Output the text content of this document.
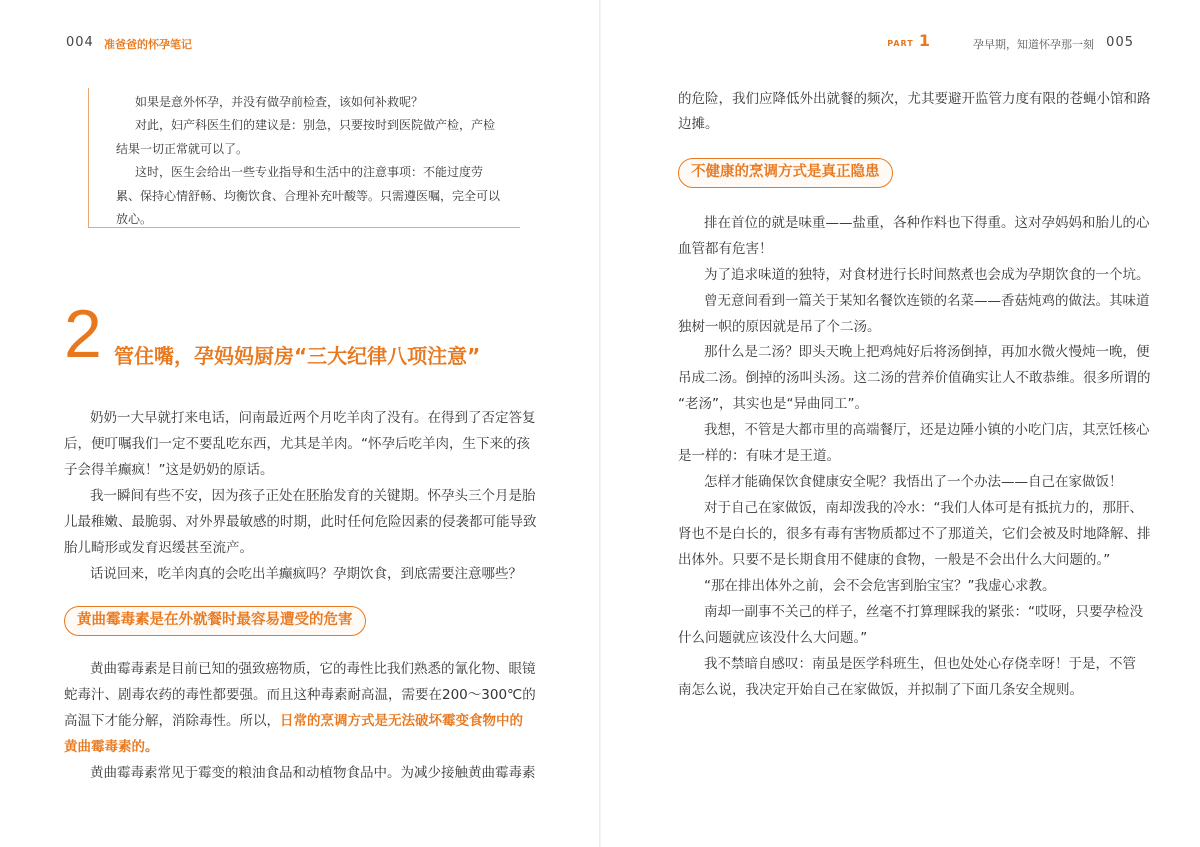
004 准爸爸的怀孕笔记
如果是意外怀孕，并没有做孕前检查，该如何补救呢？
对此，妇产科医生们的建议是：别急，只要按时到医院做产检，产检
结果一切正常就可以了。
这时，医生会给出一些专业指导和生活中的注意事项：不能过度劳
累、保持心情舒畅、均衡饮食、合理补充叶酸等。只需遵医嘱，完全可以
放心。
2 管住嘴，孕妈妈厨房“三大纪律八项注意”
奶奶一大早就打来电话，问南最近两个月吃羊肉了没有。在得到了否定答复
后，便叮嘱我们一定不要乱吃东西，尤其是羊肉。“怀孕后吃羊肉，生下来的孩
子会得羊癫疯！”这是奶奶的原话。
我一瞬间有些不安，因为孩子正处在胚胎发育的关键期。怀孕头三个月是胎
儿最稚嫩、最脆弱、对外界最敏感的时期，此时任何危险因素的侵袭都可能导致
胎儿畸形或发育迟缓甚至流产。
话说回来，吃羊肉真的会吃出羊癫疯吗？孕期饮食，到底需要注意哪些？
黄曲霉毒素是在外就餐时最容易遭受的危害
黄曲霉毒素是目前已知的强致癌物质，它的毒性比我们熟悉的氰化物、眼镜
蛇毒汁、剧毒农药的毒性都要强。而且这种毒素耐高温，需要在200～300℃的
高温下才能分解，消除毒性。所以，日常的烹调方式是无法破坏霉变食物中的
黄曲霉毒素的。
黄曲霉毒素常见于霉变的粮油食品和动植物食品中。为减少接触黄曲霉毒素
PART 1	孕早期，知道怀孕那一刻 005
的危险，我们应降低外出就餐的频次，尤其要避开监管力度有限的苍蝇小馆和路
边摊。
不健康的烹调方式是真正隐患
排在首位的就是味重——盐重，各种作料也下得重。这对孕妈妈和胎儿的心
血管都有危害！
为了追求味道的独特，对食材进行长时间熬煮也会成为孕期饮食的一个坑。
曾无意间看到一篇关于某知名餐饮连锁的名菜——香菇炖鸡的做法。其味道
独树一帜的原因就是吊了个二汤。
那什么是二汤？即头天晚上把鸡炖好后将汤倒掉，再加水微火慢炖一晚，便
吊成二汤。倒掉的汤叫头汤。这二汤的营养价值确实让人不敢恭维。很多所谓的
“老汤”，其实也是“异曲同工”。
我想，不管是大都市里的高端餐厅，还是边陲小镇的小吃门店，其烹饪核心
是一样的：有味才是王道。
怎样才能确保饮食健康安全呢？我悟出了一个办法——自己在家做饭！
对于自己在家做饭，南却泼我的冷水：“我们人体可是有抵抗力的，那肝、
肾也不是白长的，很多有毒有害物质都过不了那道关，它们会被及时地降解、排
出体外。只要不是长期食用不健康的食物，一般是不会出什么大问题的。”
“那在排出体外之前，会不会危害到胎宝宝？”我虚心求教。
南却一副事不关己的样子，丝毫不打算理睬我的紧张：“哎呀，只要孕检没
什么问题就应该没什么大问题。”
我不禁暗自感叹：南虽是医学科班生，但也处处心存侥幸呀！于是，不管
南怎么说，我决定开始自己在家做饭，并拟制了下面几条安全规则。
